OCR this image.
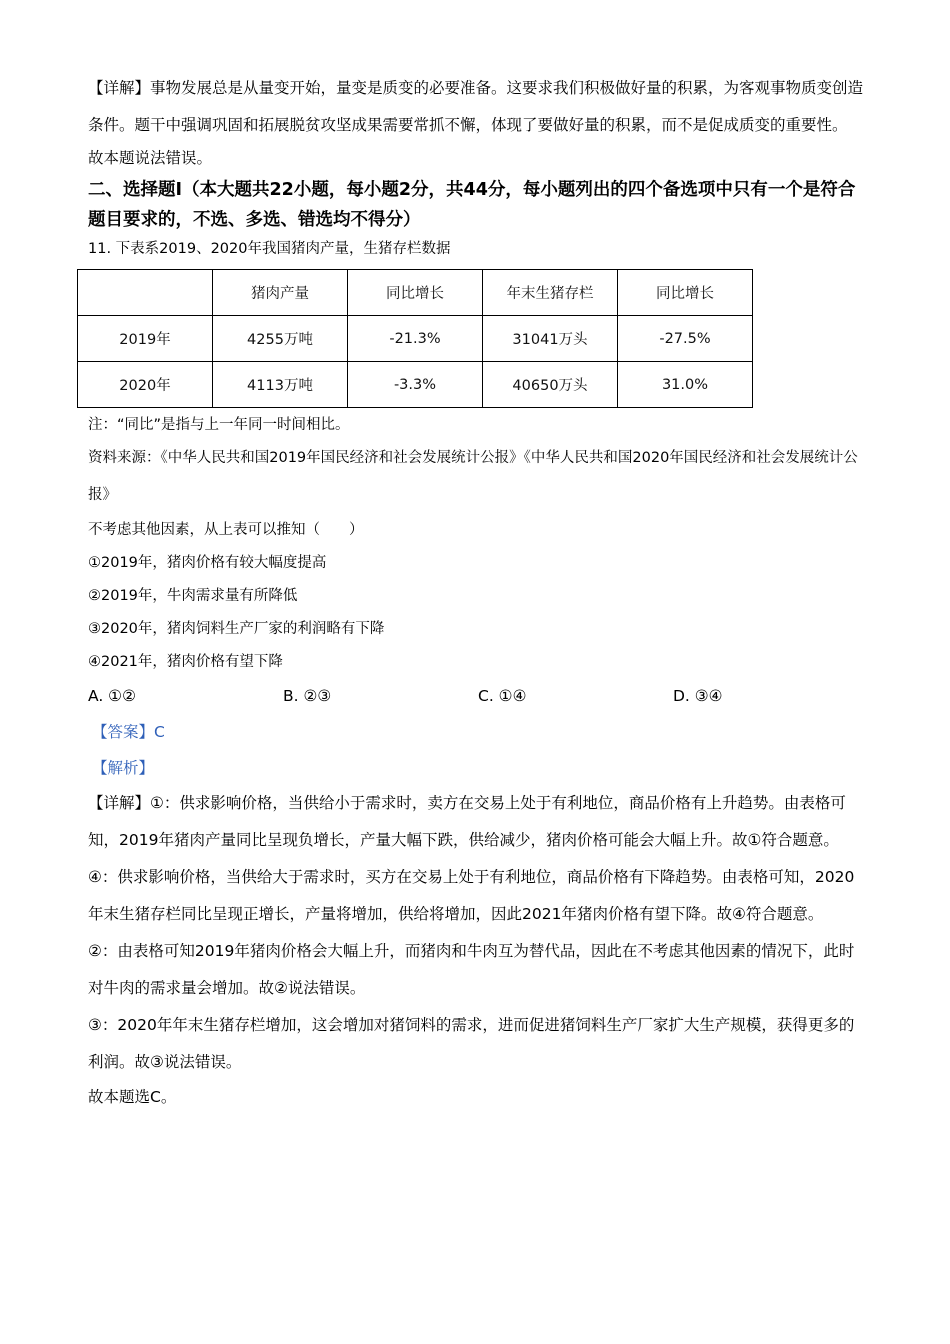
【详解】事物发展总是从量变开始，量变是质变的必要准备。这要求我们积极做好量的积累，为客观事物质变创造条件。题干中强调巩固和拓展脱贫攻坚成果需要常抓不懈，体现了要做好量的积累，而不是促成质变的重要性。

故本题说法错误。

二、选择题Ⅰ（本大题共22小题，每小题2分，共44分，每小题列出的四个备选项中只有一个是符合题目要求的，不选、多选、错选均不得分）

11. 下表系2019、2020年我国猪肉产量，生猪存栏数据
	猪肉产量	同比增长	年末生猪存栏	同比增长
2019年	4255万吨	-21.3%	31041万头	-27.5%
2020年	4113万吨	-3.3%	40650万头	31.0%
注：“同比”是指与上一年同一时间相比。

资料来源：《中华人民共和国2019年国民经济和社会发展统计公报》《中华人民共和国2020年国民经济和社会发展统计公报》

不考虑其他因素，从上表可以推知（　　）
①2019年，猪肉价格有较大幅度提高
②2019年，牛肉需求量有所降低
③2020年，猪肉饲料生产厂家的利润略有下降
④2021年，猪肉价格有望下降
A. ①②	B. ②③	C. ①④	D. ③④
【答案】C
【解析】

【详解】①：供求影响价格，当供给小于需求时，卖方在交易上处于有利地位，商品价格有上升趋势。由表格可知，2019年猪肉产量同比呈现负增长，产量大幅下跌，供给减少，猪肉价格可能会大幅上升。故①符合题意。

④：供求影响价格，当供给大于需求时，买方在交易上处于有利地位，商品价格有下降趋势。由表格可知，2020年末生猪存栏同比呈现正增长，产量将增加，供给将增加，因此2021年猪肉价格有望下降。故④符合题意。

②：由表格可知2019年猪肉价格会大幅上升，而猪肉和牛肉互为替代品，因此在不考虑其他因素的情况下，此时对牛肉的需求量会增加。故②说法错误。

③：2020年年末生猪存栏增加，这会增加对猪饲料的需求，进而促进猪饲料生产厂家扩大生产规模，获得更多的利润。故③说法错误。

故本题选C。
